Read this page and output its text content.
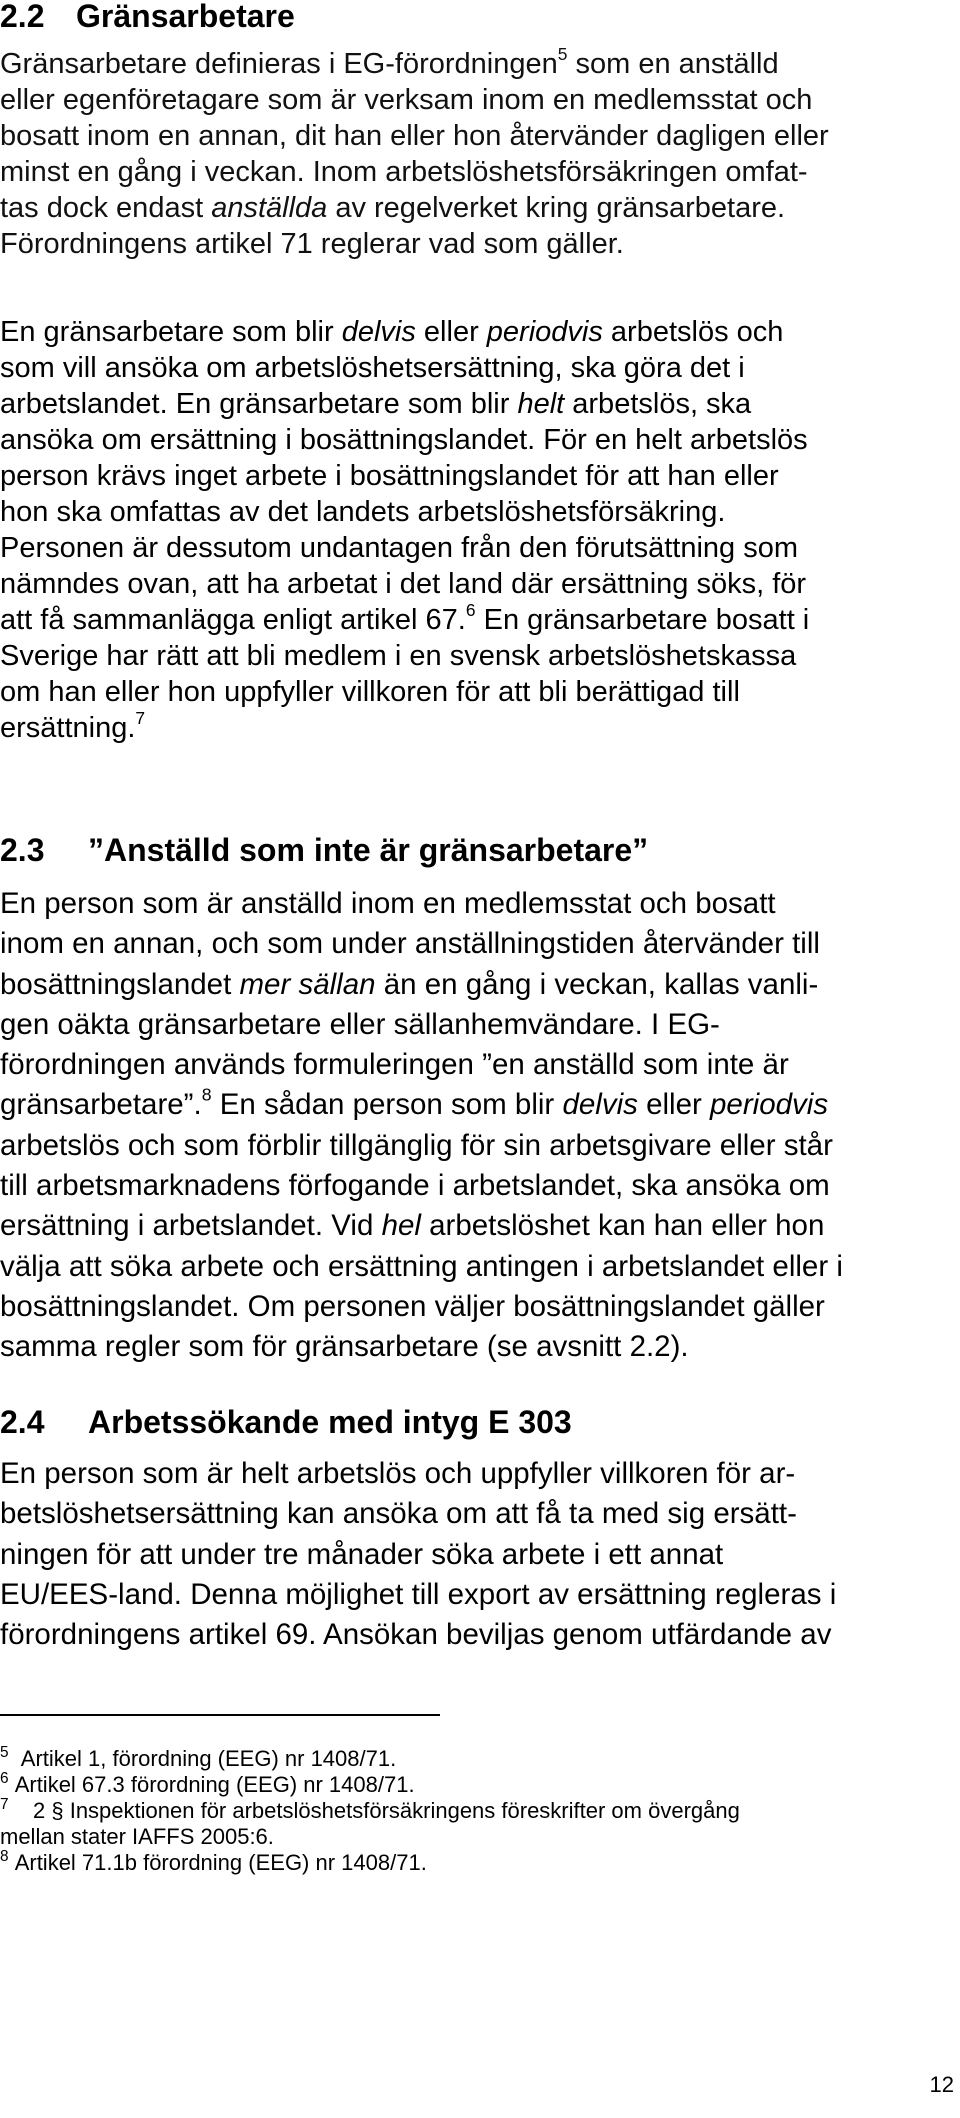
2.2 Gränsarbetare
Gränsarbetare definieras i EG-förordningen$^5$ som en anställd
eller egenföretagare som är verksam inom en medlemsstat och
bosatt inom en annan, dit han eller hon återvänder dagligen eller
minst en gång i veckan. Inom arbetslöshetsförsäkringen omfat-
tas dock endast anställda av regelverket kring gränsarbetare.
Förordningens artikel 71 reglerar vad som gäller.
En gränsarbetare som blir delvis eller periodvis arbetslös och
som vill ansöka om arbetslöshetsersättning, ska göra det i
arbetslandet. En gränsarbetare som blir helt arbetslös, ska
ansöka om ersättning i bosättningslandet. För en helt arbetslös
person krävs inget arbete i bosättningslandet för att han eller
hon ska omfattas av det landets arbetslöshetsförsäkring.
Personen är dessutom undantagen från den förutsättning som
nämndes ovan, att ha arbetat i det land där ersättning söks, för
att få sammanlägga enligt artikel 67.$^6$ En gränsarbetare bosatt i
Sverige har rätt att bli medlem i en svensk arbetslöshetskassa
om han eller hon uppfyller villkoren för att bli berättigad till
ersättning.$^7$
2.3 ”Anställd som inte är gränsarbetare”
En person som är anställd inom en medlemsstat och bosatt
inom en annan, och som under anställningstiden återvänder till
bosättningslandet mer sällan än en gång i veckan, kallas vanli-
gen oäkta gränsarbetare eller sällanhemvändare. I EG-
förordningen används formuleringen ”en anställd som inte är
gränsarbetare”.$^8$ En sådan person som blir delvis eller periodvis
arbetslös och som förblir tillgänglig för sin arbetsgivare eller står
till arbetsmarknadens förfogande i arbetslandet, ska ansöka om
ersättning i arbetslandet. Vid hel arbetslöshet kan han eller hon
välja att söka arbete och ersättning antingen i arbetslandet eller i
bosättningslandet. Om personen väljer bosättningslandet gäller
samma regler som för gränsarbetare (se avsnitt 2.2).
2.4 Arbetssökande med intyg E 303
En person som är helt arbetslös och uppfyller villkoren för ar-
betslöshetsersättning kan ansöka om att få ta med sig ersätt-
ningen för att under tre månader söka arbete i ett annat
EU/EES-land. Denna möjlighet till export av ersättning regleras i
förordningens artikel 69. Ansökan beviljas genom utfärdande av
$^5$ Artikel 1, förordning (EEG) nr 1408/71.
$^6$ Artikel 67.3 förordning (EEG) nr 1408/71.
$^7$ 2 § Inspektionen för arbetslöshetsförsäkringens föreskrifter om övergång
mellan stater IAFFS 2005:6.
$^8$ Artikel 71.1b förordning (EEG) nr 1408/71.
12
